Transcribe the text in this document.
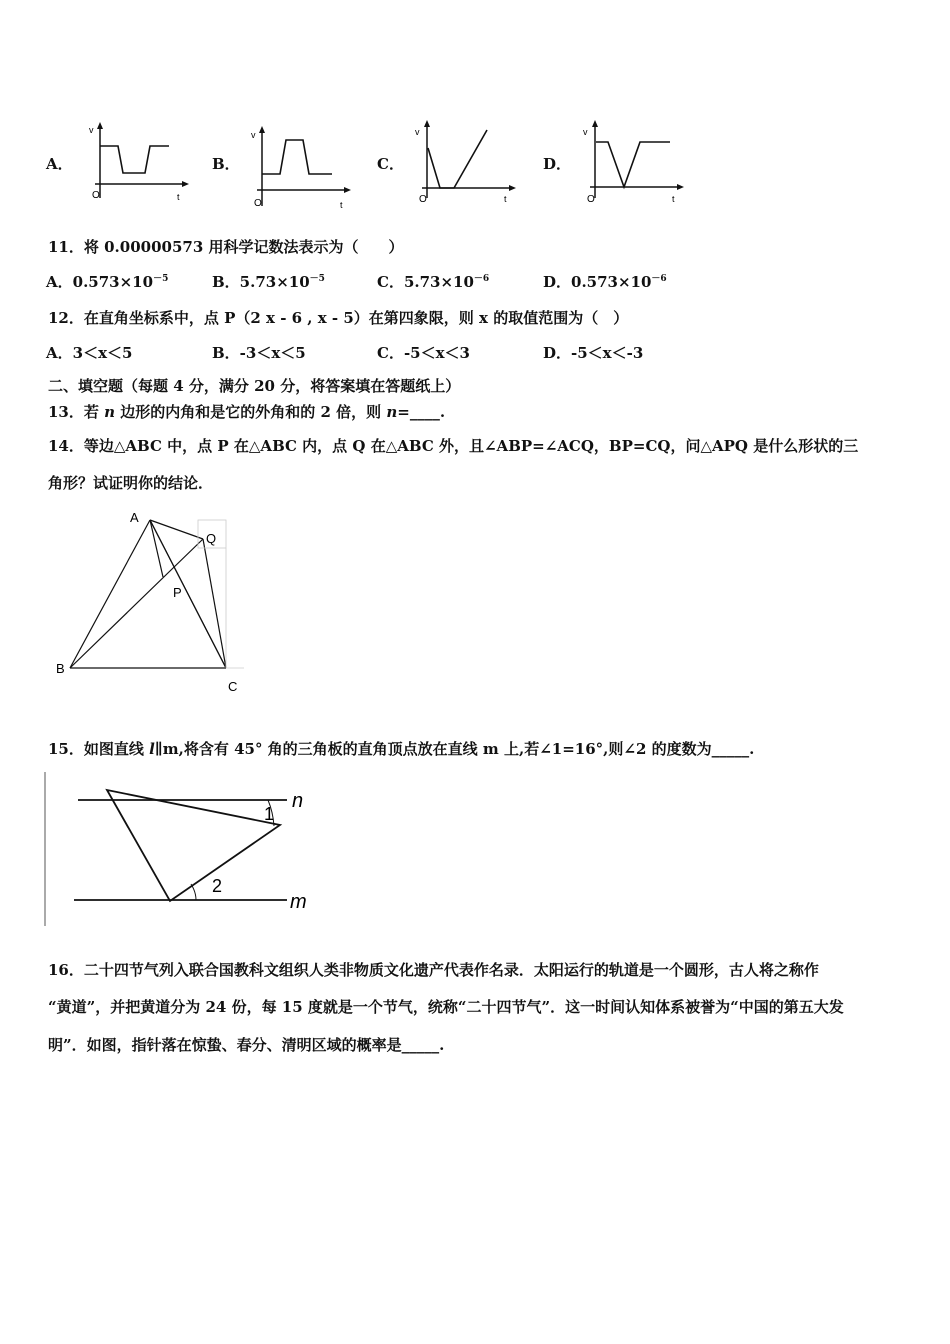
A．
v
O	t
B．
v
O	t
C．
v
O	t
D．
v
O	t
11．将 0.00000573 用科学记数法表示为（　　）
A．$0.573\times 10^{-5}$	B．$5.73\times 10^{-5}$	C．$5.73\times 10^{-6}$	D．$0.573\times 10^{-6}$
12．在直角坐标系中，点 P（2 x - 6 , x - 5）在第四象限，则 x 的取值范围为（　）
A．3＜x＜5	B．-3＜x＜5	C．-5＜x＜3	D．-5＜x＜-3
二、填空题（每题 4 分，满分 20 分，将答案填在答题纸上）
13．若 n 边形的内角和是它的外角和的 2 倍，则 n=____.
14．等边△ABC 中，点 P 在△ABC 内，点 Q 在△ABC 外，且∠ABP=∠ACQ，BP=CQ，问△APQ 是什么形状的三
角形？试证明你的结论．
A
Q
P
B
C
15．如图直线 l∥m,将含有 45° 角的三角板的直角顶点放在直线 m 上,若∠1=16°,则∠2 的度数为_____.
n
m
1
2
16．二十四节气列入联合国教科文组织人类非物质文化遗产代表作名录．太阳运行的轨道是一个圆形，古人将之称作
“黄道”，并把黄道分为 24 份，每 15 度就是一个节气，统称“二十四节气”．这一时间认知体系被誉为“中国的第五大发
明”．如图，指针落在惊蛰、春分、清明区域的概率是_____.
